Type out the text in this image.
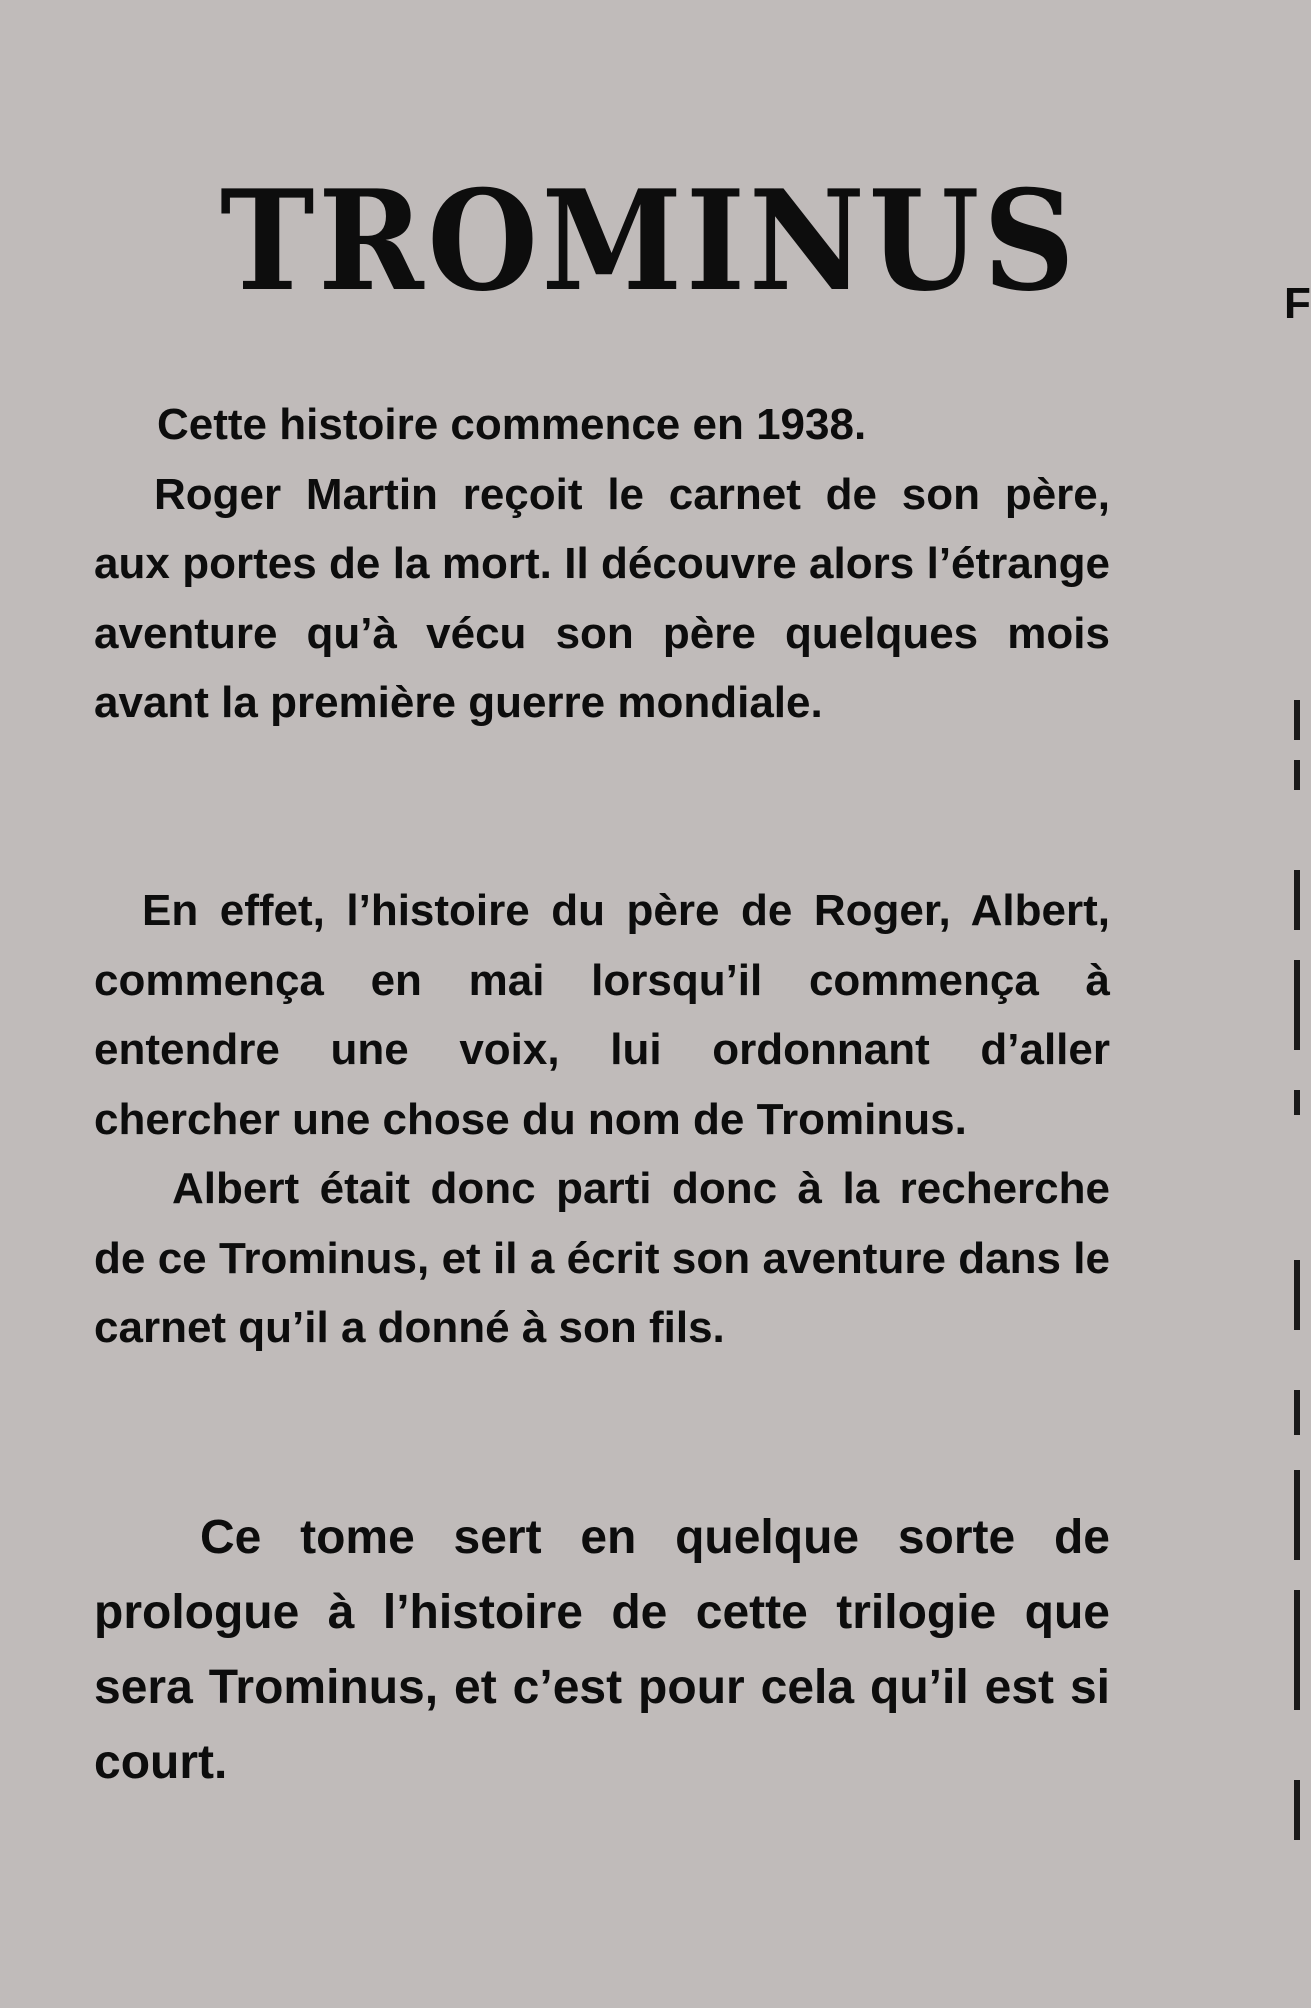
TROMINUS

Cette histoire commence en 1938.

Roger Martin reçoit le carnet de son père, aux portes de la mort. Il découvre alors l’étrange aventure qu’à vécu son père quelques mois avant la première guerre mondiale.

En effet, l’histoire du père de Roger, Albert, commença en mai lorsqu’il commença à entendre une voix, lui ordonnant d’aller chercher une chose du nom de Trominus.

Albert était donc parti donc à la recherche de ce Trominus, et il a écrit son aventure dans le carnet qu’il a donné à son fils.

Ce tome sert en quelque sorte de prologue à l’histoire de cette trilogie que sera Trominus, et c’est pour cela qu’il est si court.

F
